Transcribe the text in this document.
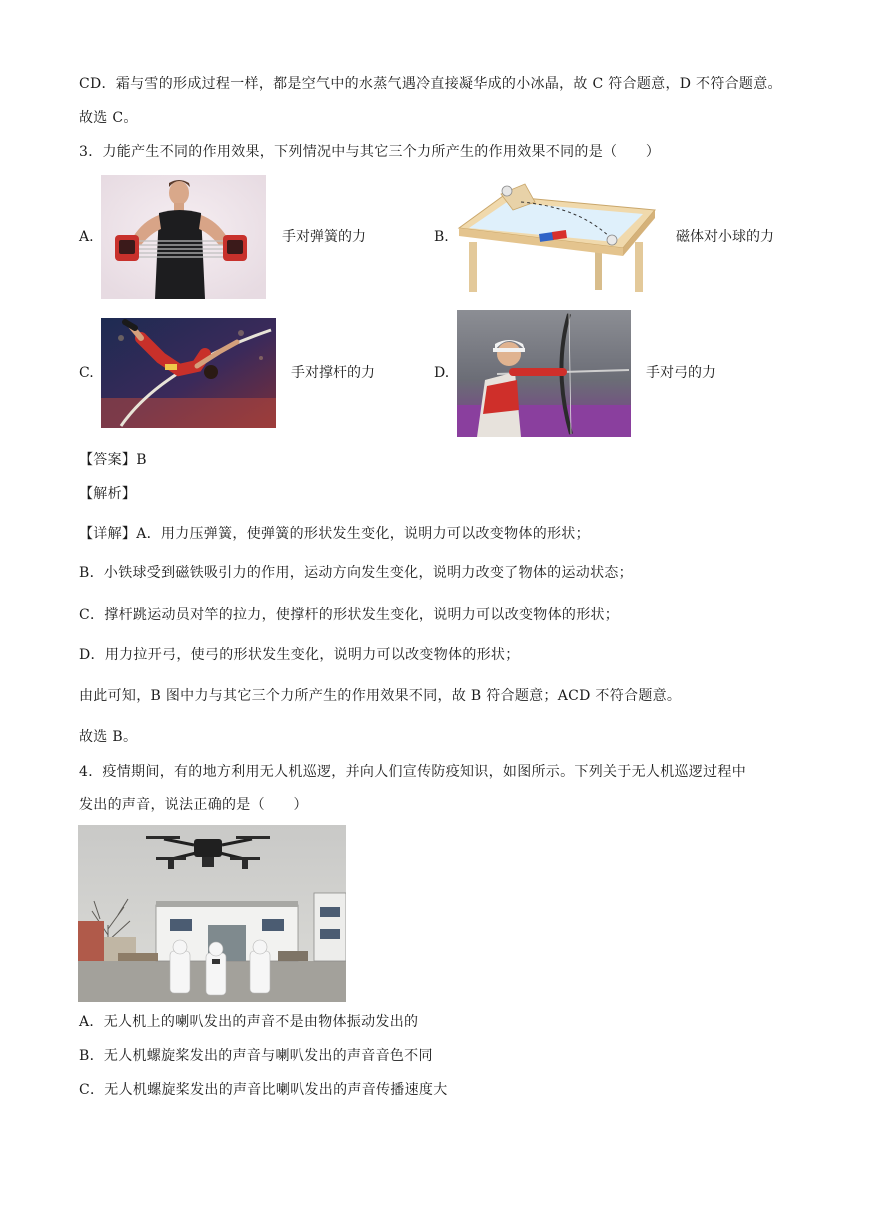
CD．霜与雪的形成过程一样，都是空气中的水蒸气遇冷直接凝华成的小冰晶，故 C 符合题意，D 不符合题意。
故选 C。
3．力能产生不同的作用效果，下列情况中与其它三个力所产生的作用效果不同的是（　　）
A.	手对弹簧的力	B.	磁体对小球的力
C.	手对撑杆的力	D.	手对弓的力
【答案】B
【解析】
【详解】A．用力压弹簧，使弹簧的形状发生变化，说明力可以改变物体的形状；
B．小铁球受到磁铁吸引力的作用，运动方向发生变化，说明力改变了物体的运动状态；
C．撑杆跳运动员对竿的拉力，使撑杆的形状发生变化，说明力可以改变物体的形状；
D．用力拉开弓，使弓的形状发生变化，说明力可以改变物体的形状；
由此可知，B 图中力与其它三个力所产生的作用效果不同，故 B 符合题意；ACD 不符合题意。
故选 B。
4．疫情期间，有的地方利用无人机巡逻，并向人们宣传防疫知识，如图所示。下列关于无人机巡逻过程中
发出的声音，说法正确的是（　　）
A．无人机上的喇叭发出的声音不是由物体振动发出的
B．无人机螺旋桨发出的声音与喇叭发出的声音音色不同
C．无人机螺旋桨发出的声音比喇叭发出的声音传播速度大
